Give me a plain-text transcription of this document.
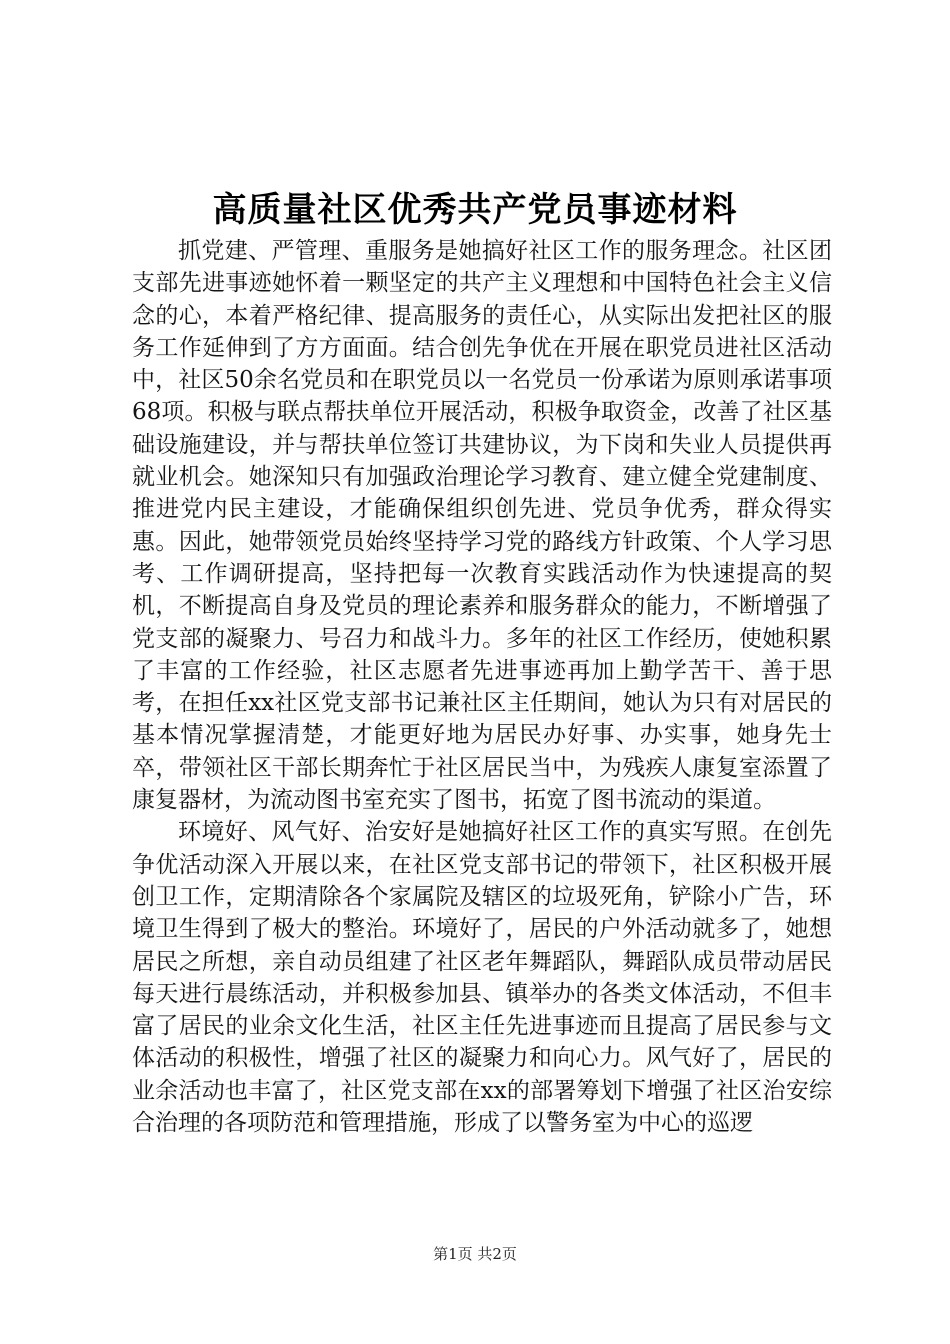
高质量社区优秀共产党员事迹材料

抓党建、严管理、重服务是她搞好社区工作的服务理念。社区团支部先进事迹她怀着一颗坚定的共产主义理想和中国特色社会主义信念的心，本着严格纪律、提高服务的责任心，从实际出发把社区的服务工作延伸到了方方面面。结合创先争优在开展在职党员进社区活动中，社区50余名党员和在职党员以一名党员一份承诺为原则承诺事项68项。积极与联点帮扶单位开展活动，积极争取资金，改善了社区基础设施建设，并与帮扶单位签订共建协议，为下岗和失业人员提供再就业机会。她深知只有加强政治理论学习教育、建立健全党建制度、推进党内民主建设，才能确保组织创先进、党员争优秀，群众得实惠。因此，她带领党员始终坚持学习党的路线方针政策、个人学习思考、工作调研提高，坚持把每一次教育实践活动作为快速提高的契机，不断提高自身及党员的理论素养和服务群众的能力，不断增强了党支部的凝聚力、号召力和战斗力。多年的社区工作经历，使她积累了丰富的工作经验，社区志愿者先进事迹再加上勤学苦干、善于思考，在担任xx社区党支部书记兼社区主任期间，她认为只有对居民的基本情况掌握清楚，才能更好地为居民办好事、办实事，她身先士卒，带领社区干部长期奔忙于社区居民当中，为残疾人康复室添置了康复器材，为流动图书室充实了图书，拓宽了图书流动的渠道。

环境好、风气好、治安好是她搞好社区工作的真实写照。在创先争优活动深入开展以来，在社区党支部书记的带领下，社区积极开展创卫工作，定期清除各个家属院及辖区的垃圾死角，铲除小广告，环境卫生得到了极大的整治。环境好了，居民的户外活动就多了，她想居民之所想，亲自动员组建了社区老年舞蹈队，舞蹈队成员带动居民每天进行晨练活动，并积极参加县、镇举办的各类文体活动，不但丰富了居民的业余文化生活，社区主任先进事迹而且提高了居民参与文体活动的积极性，增强了社区的凝聚力和向心力。风气好了，居民的业余活动也丰富了，社区党支部在xx的部署筹划下增强了社区治安综合治理的各项防范和管理措施，形成了以警务室为中心的巡逻

第1页 共2页
